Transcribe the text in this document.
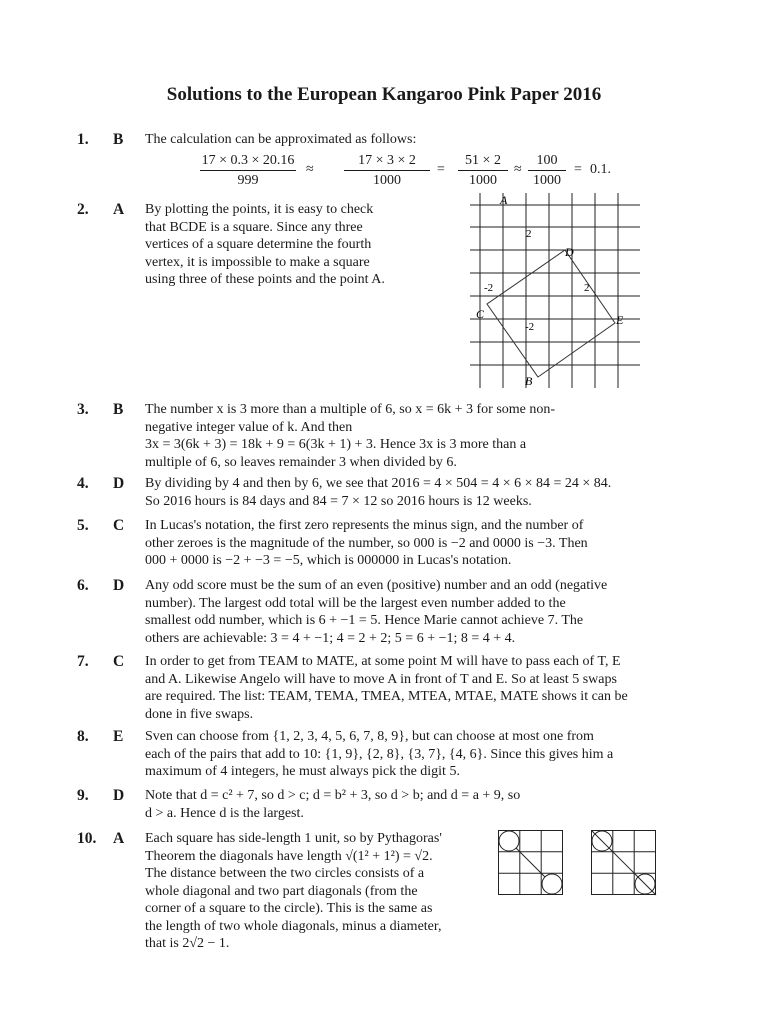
Solutions to the European Kangaroo Pink Paper 2016
1. B The calculation can be approximated as follows:

$\frac{17 \times 0.3 \times 20.16}{999} \approx \frac{17 \times 3 \times 2}{1000} = \frac{51 \times 2}{1000} \approx \frac{100}{1000} = 0.1$.
2. A By plotting the points, it is easy to check

that BCDE is a square. Since any three

vertices of a square determine the fourth

vertex, it is impossible to make a square

using three of these points and the point A.

A
B
C
D
E
2
2
-2
-2
3. B The number x is 3 more than a multiple of 6, so x = 6k + 3 for some non-

negative integer value of k. And then

3x = 3(6k + 3) = 18k + 9 = 6(3k + 1) + 3. Hence 3x is 3 more than a

multiple of 6, so leaves remainder 3 when divided by 6.

4. D By dividing by 4 and then by 6, we see that 2016 = 4 × 504 = 4 × 6 × 84 = 24 × 84.

So 2016 hours is 84 days and 84 = 7 × 12 so 2016 hours is 12 weeks.

5. C In Lucas's notation, the first zero represents the minus sign, and the number of

other zeroes is the magnitude of the number, so 000 is −2 and 0000 is −3. Then

000 + 0000 is −2 + −3 = −5, which is 000000 in Lucas's notation.

6. D Any odd score must be the sum of an even (positive) number and an odd (negative

number). The largest odd total will be the largest even number added to the

smallest odd number, which is 6 + −1 = 5. Hence Marie cannot achieve 7. The

others are achievable: 3 = 4 + −1; 4 = 2 + 2; 5 = 6 + −1; 8 = 4 + 4.

7. C In order to get from TEAM to MATE, at some point M will have to pass each of T, E

and A. Likewise Angelo will have to move A in front of T and E. So at least 5 swaps

are required. The list: TEAM, TEMA, TMEA, MTEA, MTAE, MATE shows it can be

done in five swaps.

8. E Sven can choose from {1, 2, 3, 4, 5, 6, 7, 8, 9}, but can choose at most one from

each of the pairs that add to 10: {1, 9}, {2, 8}, {3, 7}, {4, 6}. Since this gives him a

maximum of 4 integers, he must always pick the digit 5.

9. D Note that d = c² + 7, so d > c; d = b² + 3, so d > b; and d = a + 9, so

d > a. Hence d is the largest.

10. A Each square has side-length 1 unit, so by Pythagoras'

Theorem the diagonals have length √(1² + 1²) = √2.

The distance between the two circles consists of a

whole diagonal and two part diagonals (from the

corner of a square to the circle). This is the same as

the length of two whole diagonals, minus a diameter,

that is 2√2 − 1.
